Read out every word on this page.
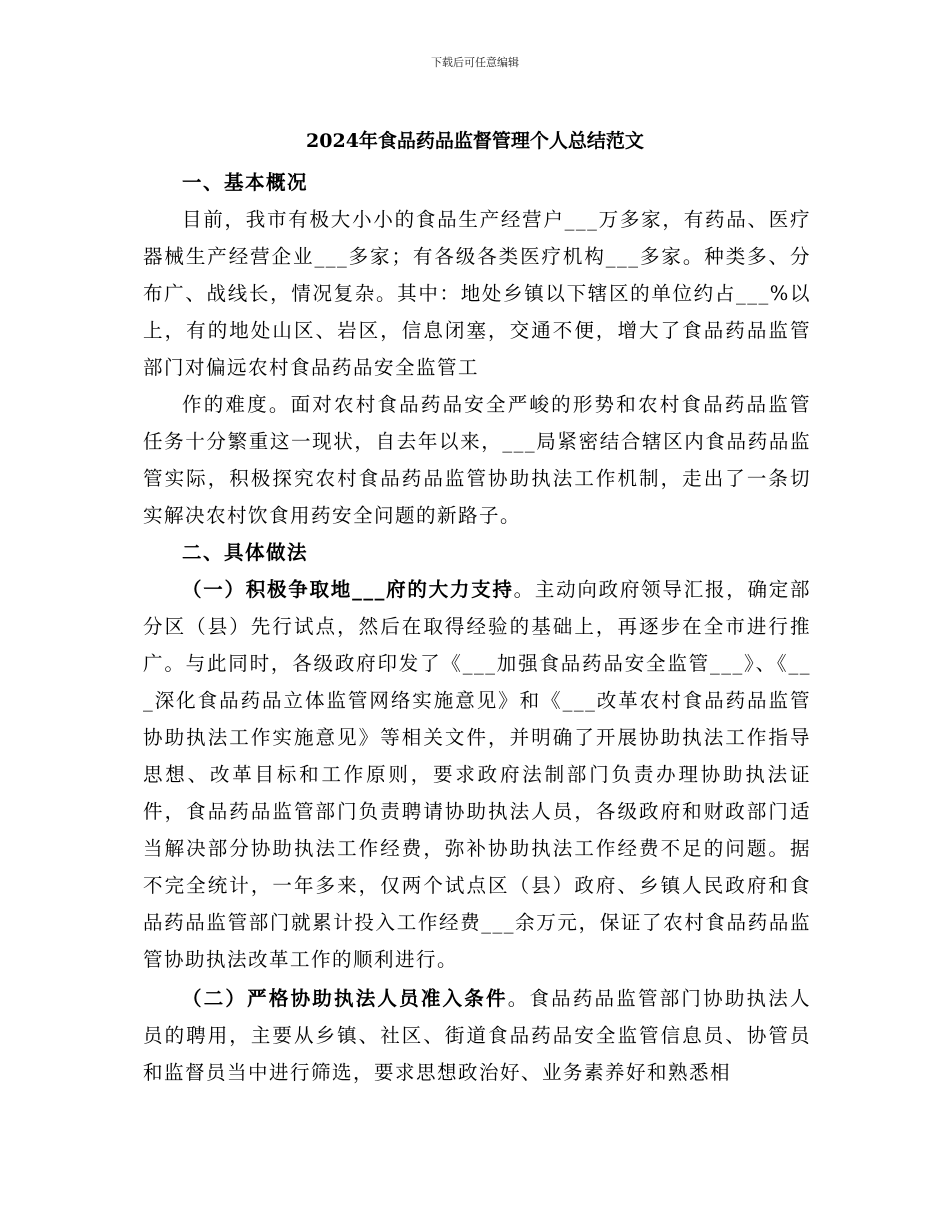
下载后可任意编辑
2024年食品药品监督管理个人总结范文
一、基本概况

目前，我市有极大小小的食品生产经营户___万多家，有药品、医疗器械生产经营企业___多家；有各级各类医疗机构___多家。种类多、分布广、战线长，情况复杂。其中：地处乡镇以下辖区的单位约占___%以上，有的地处山区、岩区，信息闭塞，交通不便，增大了食品药品监管部门对偏远农村食品药品安全监管工

作的难度。面对农村食品药品安全严峻的形势和农村食品药品监管任务十分繁重这一现状，自去年以来，___局紧密结合辖区内食品药品监管实际，积极探究农村食品药品监管协助执法工作机制，走出了一条切实解决农村饮食用药安全问题的新路子。

二、具体做法

（一）积极争取地___府的大力支持。主动向政府领导汇报，确定部分区（县）先行试点，然后在取得经验的基础上，再逐步在全市进行推广。与此同时，各级政府印发了《___加强食品药品安全监管___》、《___深化食品药品立体监管网络实施意见》和《___改革农村食品药品监管协助执法工作实施意见》等相关文件，并明确了开展协助执法工作指导思想、改革目标和工作原则，要求政府法制部门负责办理协助执法证件，食品药品监管部门负责聘请协助执法人员，各级政府和财政部门适当解决部分协助执法工作经费，弥补协助执法工作经费不足的问题。据不完全统计，一年多来，仅两个试点区（县）政府、乡镇人民政府和食品药品监管部门就累计投入工作经费___余万元，保证了农村食品药品监管协助执法改革工作的顺利进行。

（二）严格协助执法人员准入条件。食品药品监管部门协助执法人员的聘用，主要从乡镇、社区、街道食品药品安全监管信息员、协管员和监督员当中进行筛选，要求思想政治好、业务素养好和熟悉相
